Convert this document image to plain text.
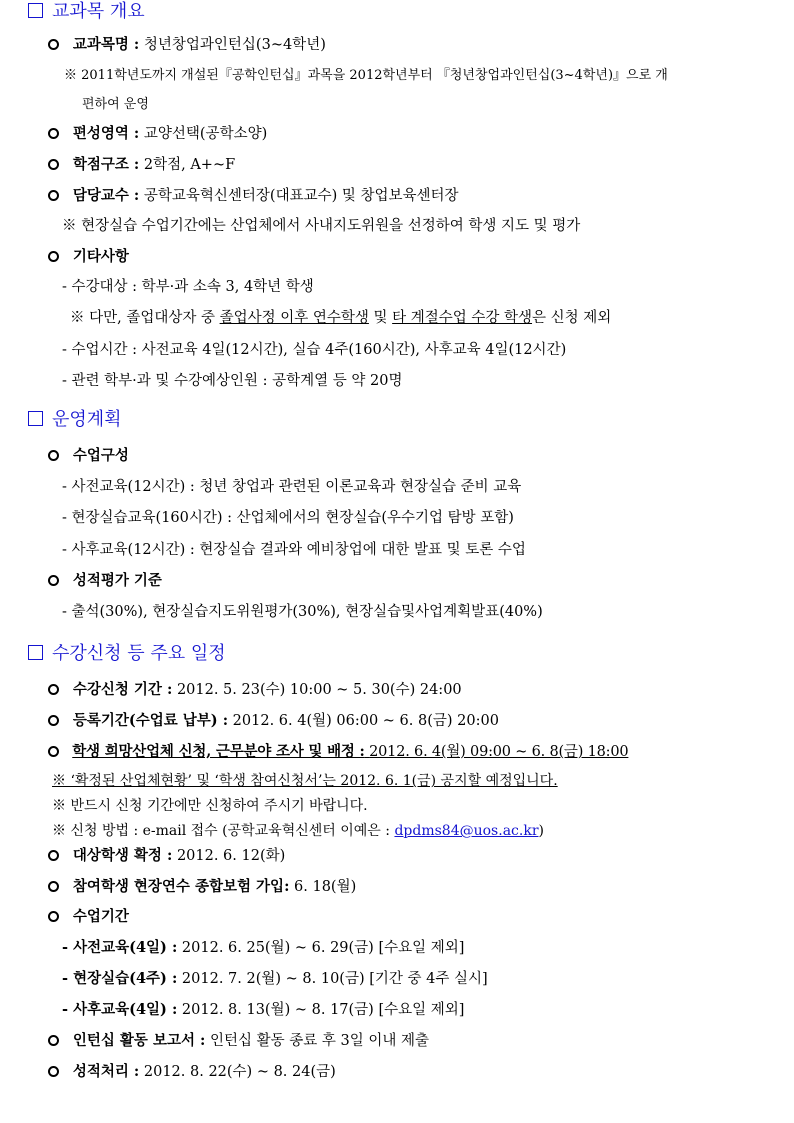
교과목 개요
교과목명 : 청년창업과인턴십(3~4학년)
※ 2011학년도까지 개설된『공학인턴십』과목을 2012학년부터 『청년창업과인턴십(3~4학년)』으로 개
편하여 운영
편성영역 : 교양선택(공학소양)
학점구조 : 2학점, A+~F
담당교수 : 공학교육혁신센터장(대표교수) 및 창업보육센터장
※ 현장실습 수업기간에는 산업체에서 사내지도위원을 선정하여 학생 지도 및 평가
기타사항
- 수강대상 : 학부·과 소속 3, 4학년 학생
※ 다만, 졸업대상자 중 졸업사정 이후 연수학생 및 타 계절수업 수강 학생은 신청 제외
- 수업시간 : 사전교육 4일(12시간), 실습 4주(160시간), 사후교육 4일(12시간)
- 관련 학부·과 및 수강예상인원 : 공학계열 등 약 20명
운영계획
수업구성
- 사전교육(12시간) : 청년 창업과 관련된 이론교육과 현장실습 준비 교육
- 현장실습교육(160시간) : 산업체에서의 현장실습(우수기업 탐방 포함)
- 사후교육(12시간) : 현장실습 결과와 예비창업에 대한 발표 및 토론 수업
성적평가 기준
- 출석(30%), 현장실습지도위원평가(30%), 현장실습및사업계획발표(40%)
수강신청 등 주요 일정
수강신청 기간 : 2012. 5. 23(수) 10:00 ~ 5. 30(수) 24:00
등록기간(수업료 납부) : 2012. 6. 4(월) 06:00 ~ 6. 8(금) 20:00
학생 희망산업체 신청, 근무분야 조사 및 배정 : 2012. 6. 4(월) 09:00 ~ 6. 8(금) 18:00
※ ‘확정된 산업체현황’ 및 ‘학생 참여신청서’는 2012. 6. 1(금) 공지할 예정입니다.
※ 반드시 신청 기간에만 신청하여 주시기 바랍니다.
※ 신청 방법 : e-mail 접수 (공학교육혁신센터 이예은 : dpdms84@uos.ac.kr)
대상학생 확정 : 2012. 6. 12(화)
참여학생 현장연수 종합보험 가입: 6. 18(월)
수업기간
- 사전교육(4일) : 2012. 6. 25(월) ~ 6. 29(금) [수요일 제외]
- 현장실습(4주) : 2012. 7. 2(월) ~ 8. 10(금) [기간 중 4주 실시]
- 사후교육(4일) : 2012. 8. 13(월) ~ 8. 17(금) [수요일 제외]
인턴십 활동 보고서 : 인턴십 활동 종료 후 3일 이내 제출
성적처리 : 2012. 8. 22(수) ~ 8. 24(금)
